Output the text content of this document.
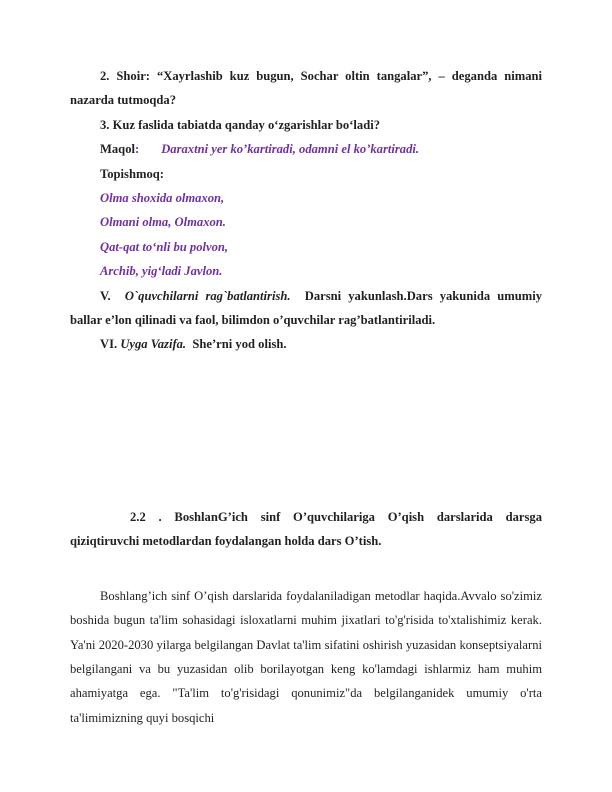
2. Shoir: “Xayrlashib kuz bugun, Sochar oltin tangalar”, – deganda nimani nazarda tutmoqda?

3. Kuz faslida tabiatda qanday o‘zgarishlar bo‘ladi?

Maqol: Daraxtni yer ko’kartiradi, odamni el ko’kartiradi.

Topishmoq:

Olma shoxida olmaxon,

Olmani olma, Olmaxon.

Qat-qat to‘nli bu polvon,

Archib, yig‘ladi Javlon.

V. O`quvchilarni rag`batlantirish. Darsni yakunlash.Dars yakunida umumiy ballar e’lon qilinadi va faol, bilimdon o’quvchilar rag’batlantiriladi.

VI. Uyga Vazifa. She’rni yod olish.

2.2 . BoshlanG’ich sinf O’quvchilariga O’qish darslarida darsga qiziqtiruvchi metodlardan foydalangan holda dars O’tish.

Boshlang’ich sinf O’qish darslarida foydalaniladigan metodlar haqida.Avvalo so'zimiz boshida bugun ta'lim sohasidagi isloxatlarni muhim jixatlari to'g'risida to'xtalishimiz kerak. Ya'ni 2020-2030 yilarga belgilangan Davlat ta'lim sifatini oshirish yuzasidan konseptsiyalarni belgilangani va bu yuzasidan olib borilayotgan keng ko'lamdagi ishlarmiz ham muhim ahamiyatga ega. "Ta'lim to'g'risidagi qonunimiz"da belgilanganidek umumiy o'rta ta'limimizning quyi bosqichi
